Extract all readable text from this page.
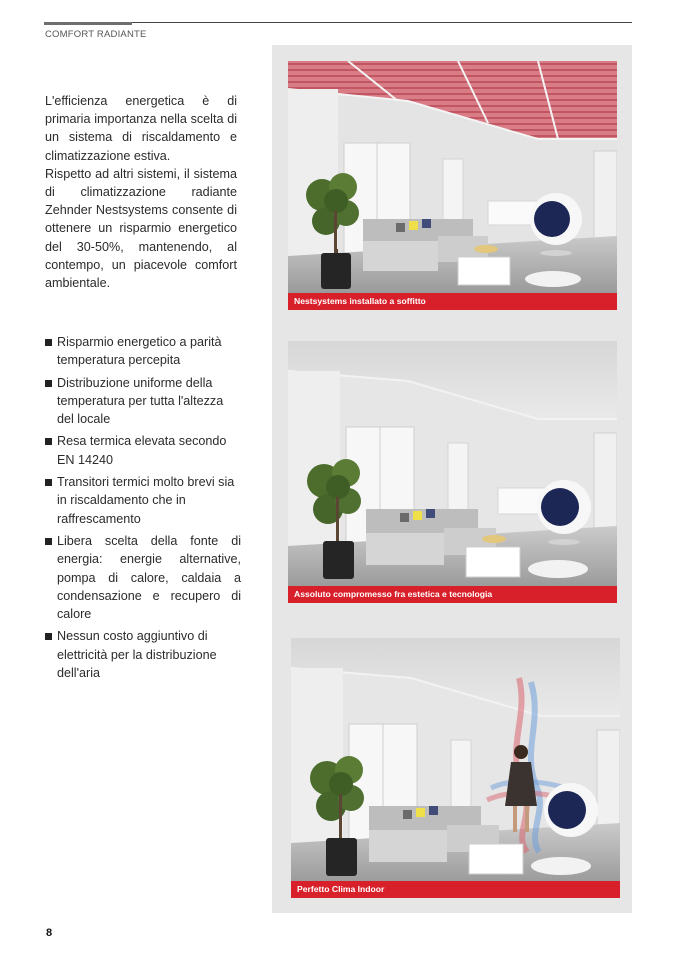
COMFORT RADIANTE

L'efficienza energetica è di primaria importanza nella scelta di un sistema di riscaldamento e climatizzazione estiva.

Rispetto ad altri sistemi, il sistema di climatizzazione radiante Zehnder Nestsystems consente di ottenere un risparmio energetico del 30-50%, mantenendo, al contempo, un piacevole comfort ambientale.

Risparmio energetico a parità temperatura percepita
Distribuzione uniforme della temperatura per tutta l'altezza del locale
Resa termica elevata secondo EN 14240
Transitori termici molto brevi sia in riscaldamento che in raffrescamento
Libera scelta della fonte di energia: energie alternative, pompa di calore, caldaia a condensazione e recupero di calore
Nessun costo aggiuntivo di elettricità per la distribuzione dell'aria
Nestsystems installato a soffitto
Assoluto compromesso fra estetica e tecnologia
Perfetto Clima Indoor
8
